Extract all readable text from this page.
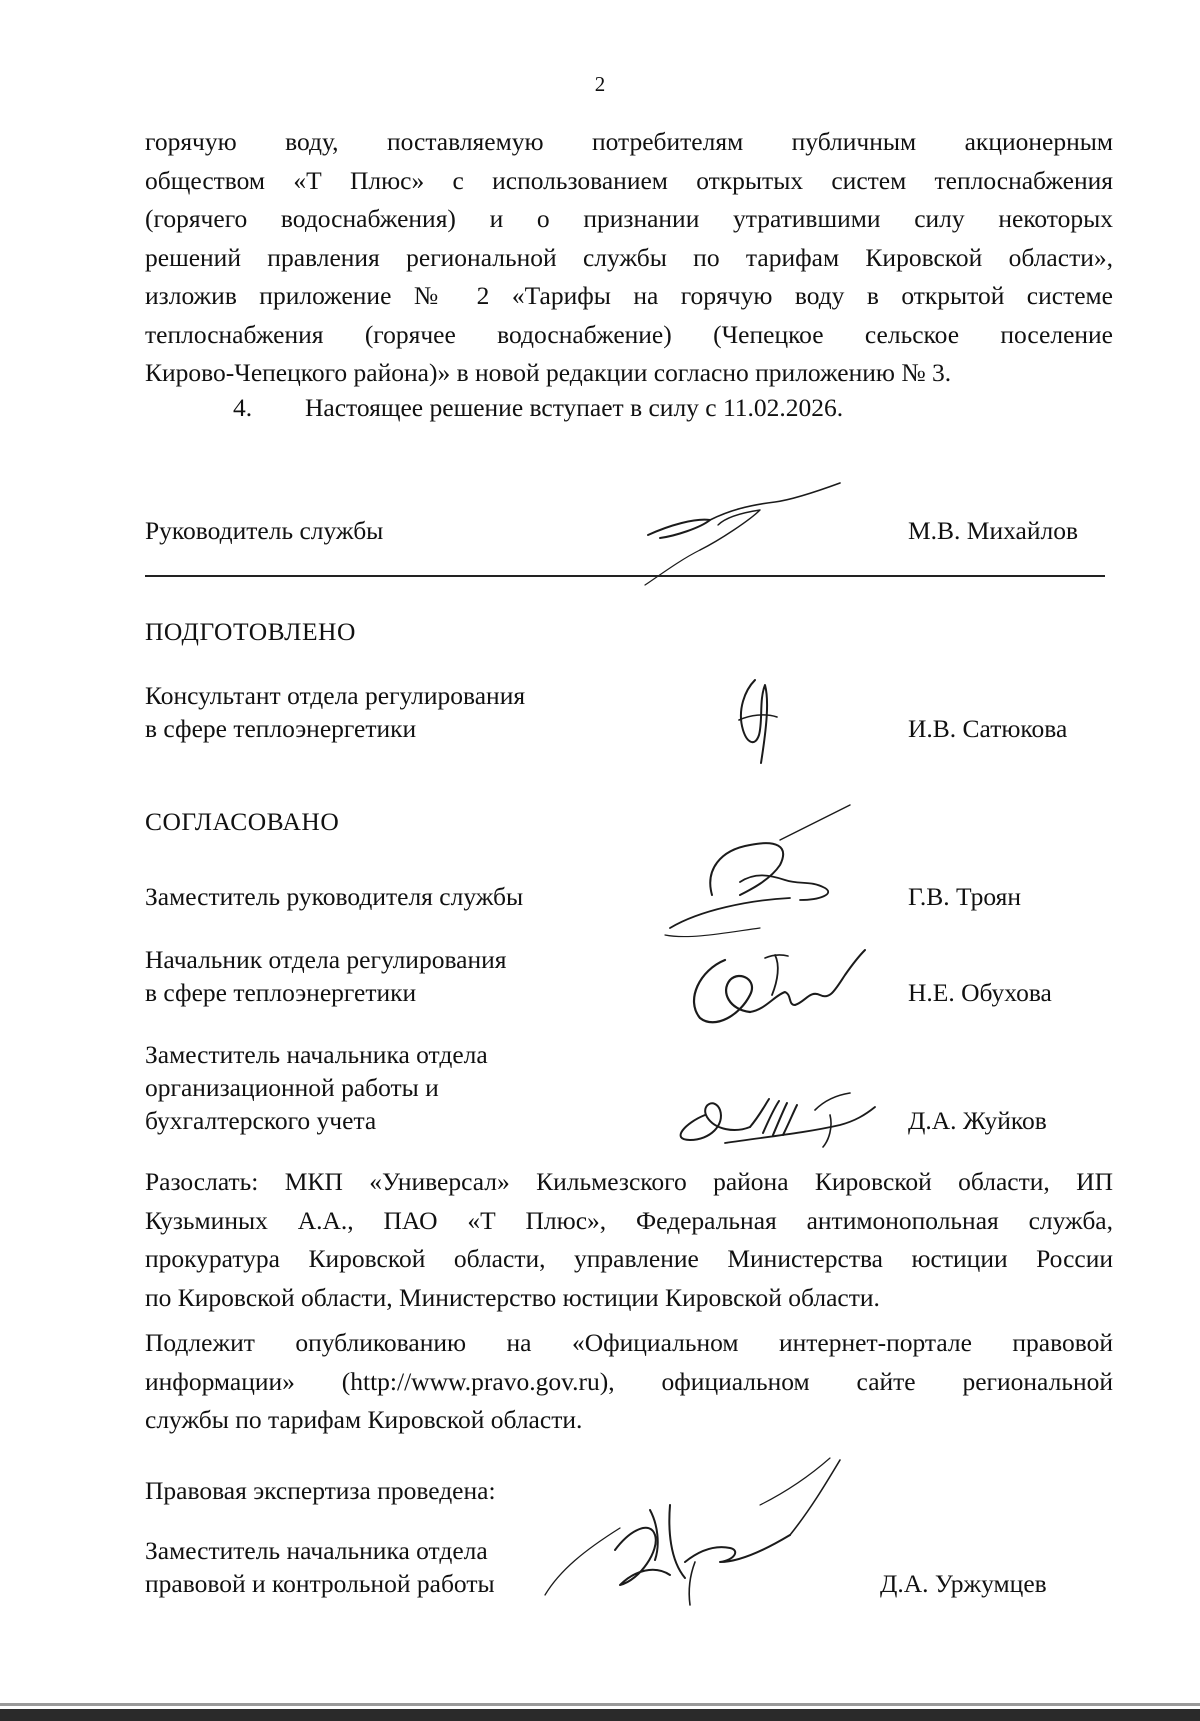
2
горячую воду, поставляемую потребителям публичным акционерным
обществом «Т Плюс» с использованием открытых систем теплоснабжения
(горячего водоснабжения) и о признании утратившими силу некоторых
решений правления региональной службы по тарифам Кировской области»,
изложив приложение № 2 «Тарифы на горячую воду в открытой системе
теплоснабжения (горячее водоснабжение) (Чепецкое сельское поселение
Кирово-Чепецкого района)» в новой редакции согласно приложению № 3.
4. Настоящее решение вступает в силу с 11.02.2026.
Руководитель службы	М.В. Михайлов
ПОДГОТОВЛЕНО
Консультант отдела регулирования
в сфере теплоэнергетики	И.В. Сатюкова
СОГЛАСОВАНО
Заместитель руководителя службы	Г.В. Троян
Начальник отдела регулирования
в сфере теплоэнергетики	Н.Е. Обухова
Заместитель начальника отдела
организационной работы и
бухгалтерского учета	Д.А. Жуйков
Разослать: МКП «Универсал» Кильмезского района Кировской области, ИП
Кузьминых А.А., ПАО «Т Плюс», Федеральная антимонопольная служба,
прокуратура Кировской области, управление Министерства юстиции России
по Кировской области, Министерство юстиции Кировской области.
Подлежит опубликованию на «Официальном интернет-портале правовой
информации» (http://www.pravo.gov.ru), официальном сайте региональной
службы по тарифам Кировской области.
Правовая экспертиза проведена:
Заместитель начальника отдела
правовой и контрольной работы	Д.А. Уржумцев
